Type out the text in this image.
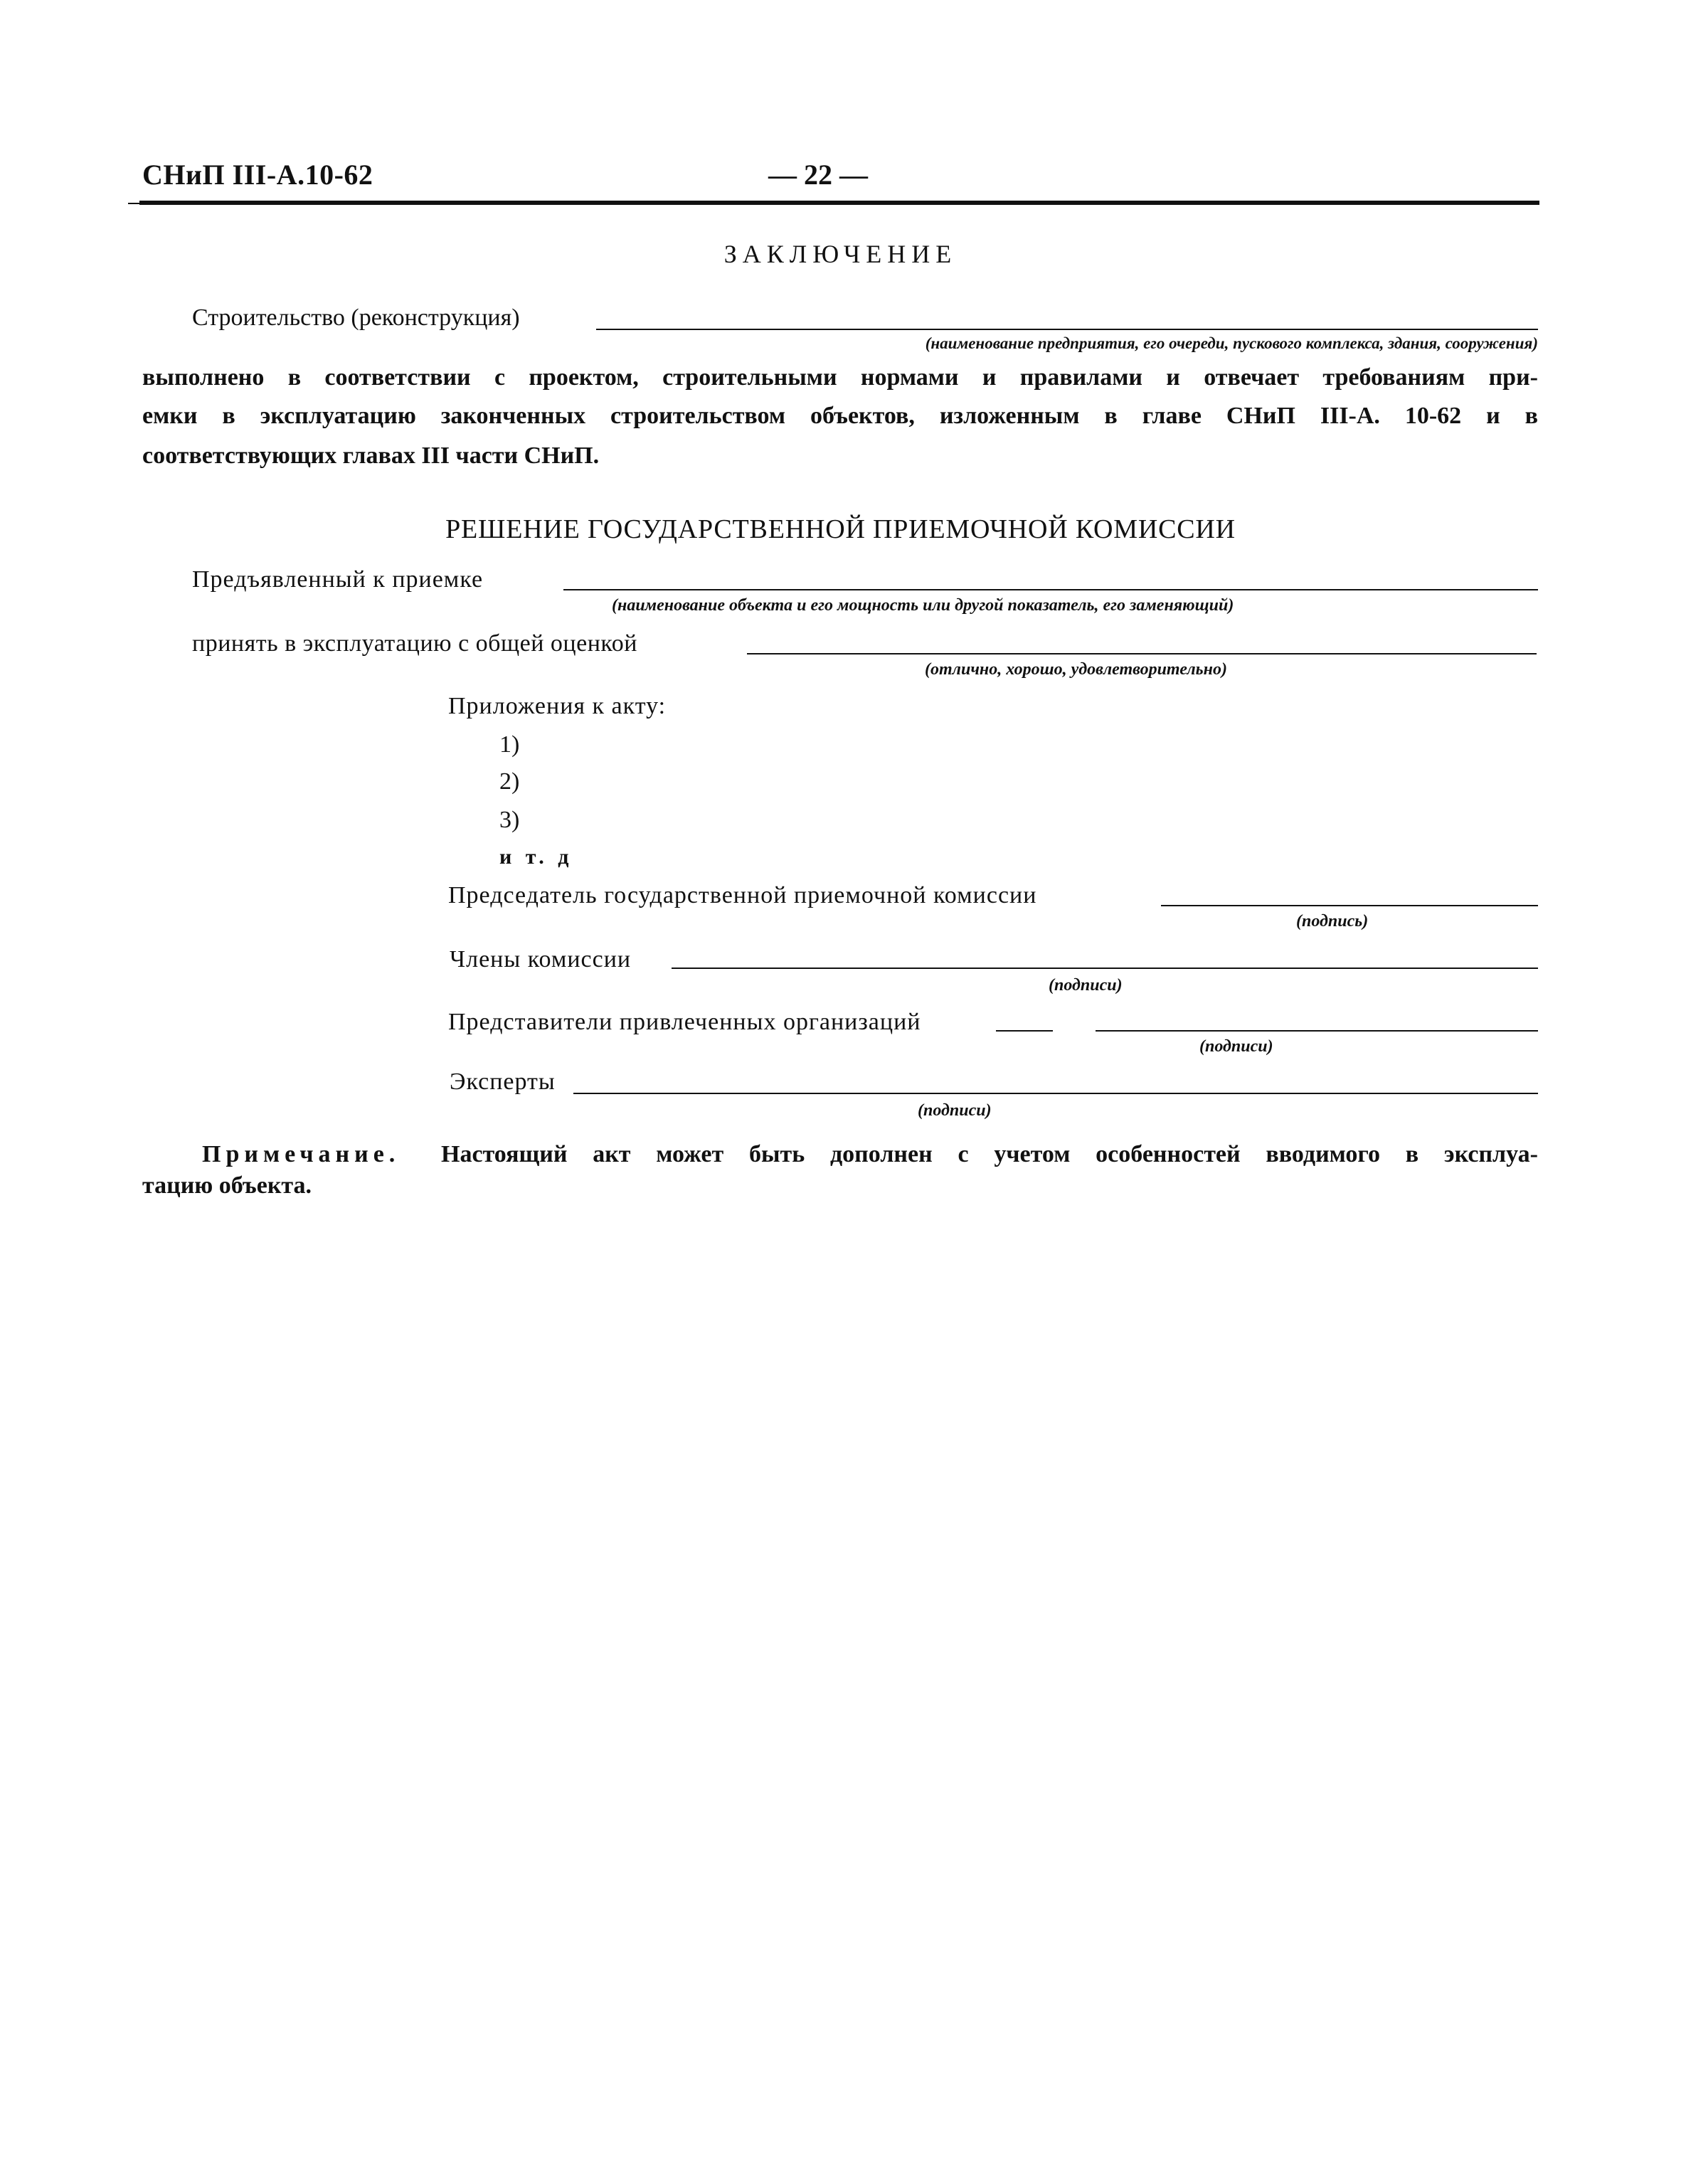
СНиП III-А.10-62	— 22 —
ЗАКЛЮЧЕНИЕ
Строительство (реконструкция)
(наименование предприятия, его очереди, пускового комплекса, здания, сооружения)
выполнено в соответствии с проектом, строительными нормами и правилами и отвечает требованиям при-
емки в эксплуатацию законченных строительством объектов, изложенным в главе СНиП III-А. 10-62 и в
соответствующих главах III части СНиП.
РЕШЕНИЕ ГОСУДАРСТВЕННОЙ ПРИЕМОЧНОЙ КОМИССИИ
Предъявленный к приемке
(наименование объекта и его мощность или другой показатель, его заменяющий)
принять в эксплуатацию с общей оценкой
(отлично, хорошо, удовлетворительно)
Приложения к акту:
1)
2)
3)
и т. д
Председатель государственной приемочной комиссии
(подпись)
Члены комиссии
(подписи)
Представители привлеченных организаций
(подписи)
Эксперты
(подписи)
Примечание. Настоящий акт может быть дополнен с учетом особенностей вводимого в эксплуа-
тацию объекта.
